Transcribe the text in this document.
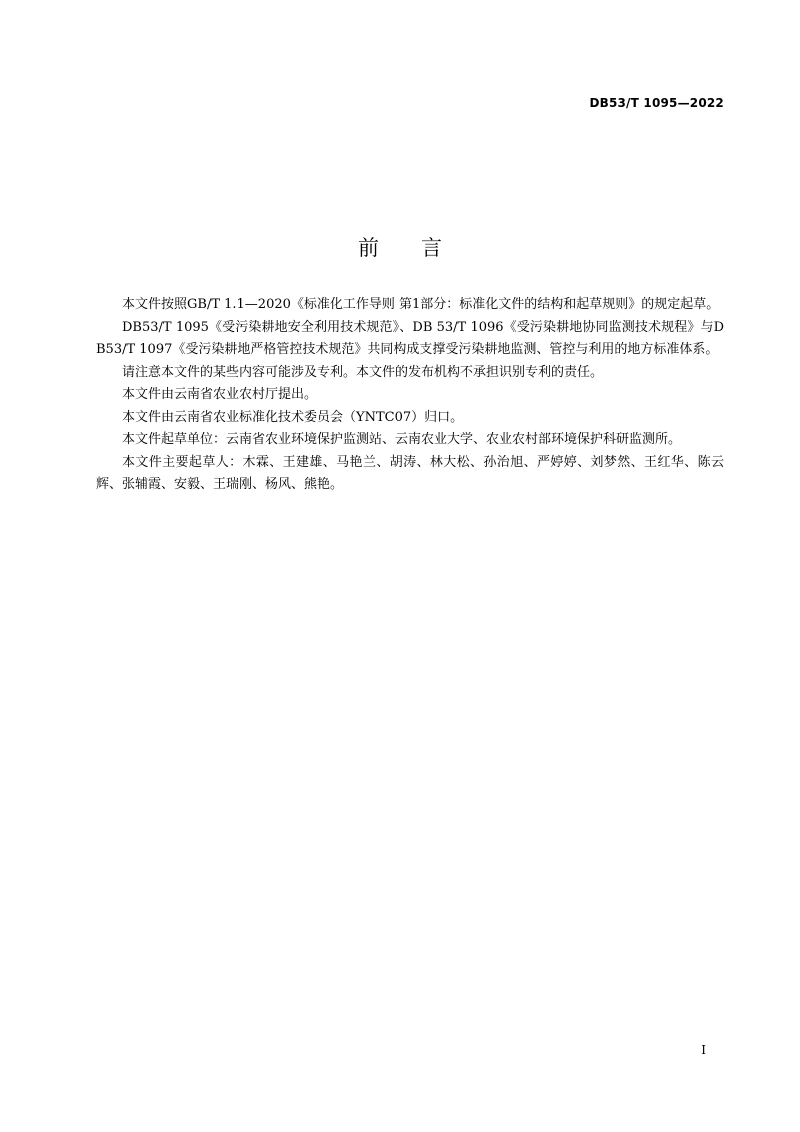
DB53/T 1095—2022
前言

本文件按照GB/T 1.1—2020《标准化工作导则 第1部分：标准化文件的结构和起草规则》的规定起草。

DB53/T 1095《受污染耕地安全利用技术规范》、DB 53/T 1096《受污染耕地协同监测技术规程》与DB53/T 1097《受污染耕地严格管控技术规范》共同构成支撑受污染耕地监测、管控与利用的地方标准体系。

请注意本文件的某些内容可能涉及专利。本文件的发布机构不承担识别专利的责任。

本文件由云南省农业农村厅提出。

本文件由云南省农业标准化技术委员会（YNTC07）归口。

本文件起草单位：云南省农业环境保护监测站、云南农业大学、农业农村部环境保护科研监测所。

本文件主要起草人：木霖、王建雄、马艳兰、胡涛、林大松、孙治旭、严婷婷、刘梦然、王红华、陈云辉、张辅霞、安毅、王瑞刚、杨风、熊艳。

I
